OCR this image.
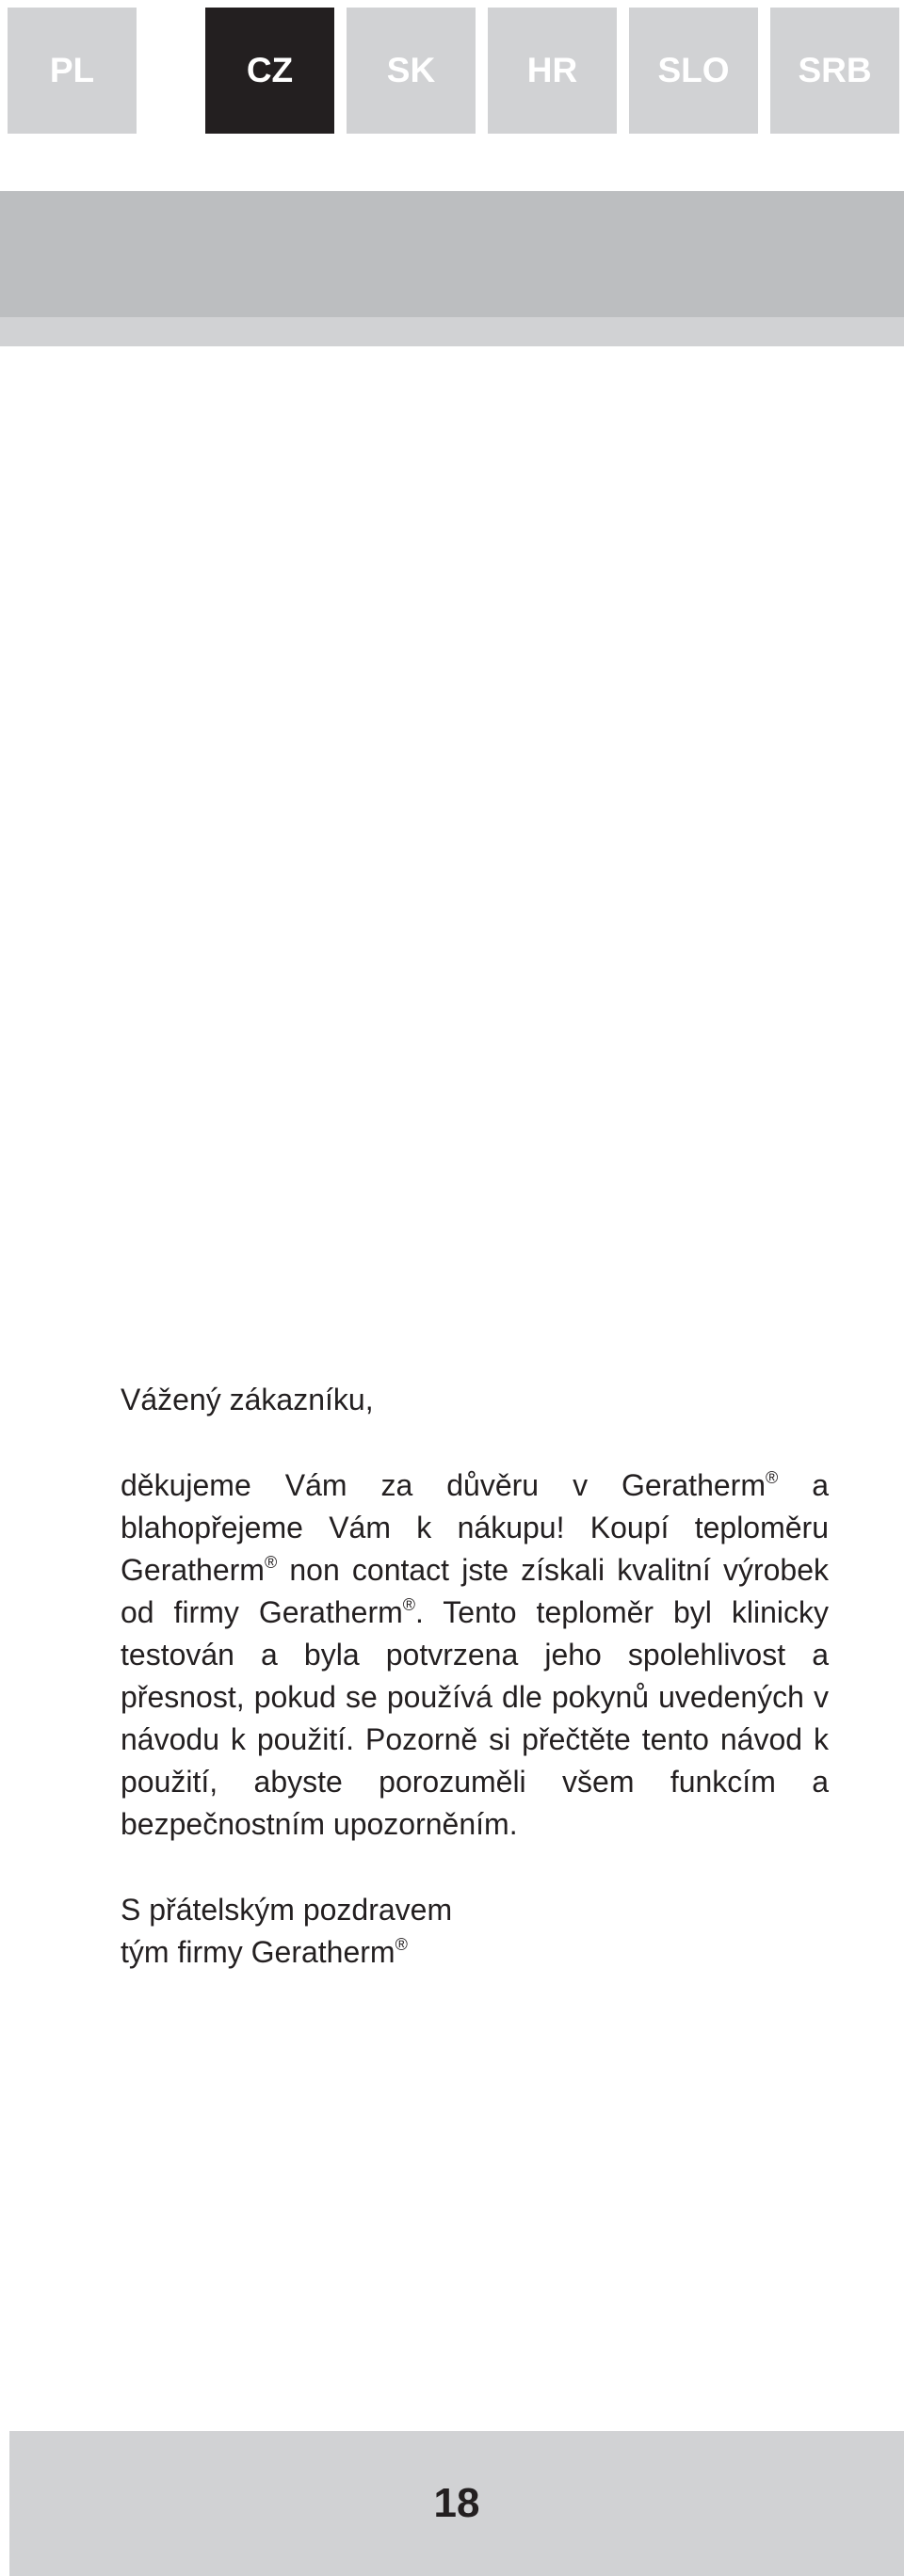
PL	CZ	SK	HR	SLO	SRB

Vážený zákazníku,

děkujeme Vám za důvěru v Geratherm® a blahopřejeme Vám k nákupu! Koupí teploměru Geratherm® non contact jste získali kvalitní výrobek od firmy Geratherm®. Tento teploměr byl klinicky testován a byla potvrzena jeho spolehlivost a přesnost, pokud se používá dle pokynů uvedených v návodu k použití. Pozorně si přečtěte tento návod k použití, abyste porozuměli všem funkcím a bezpečnostním upozorněním.

S přátelským pozdravem

tým firmy Geratherm®

18
